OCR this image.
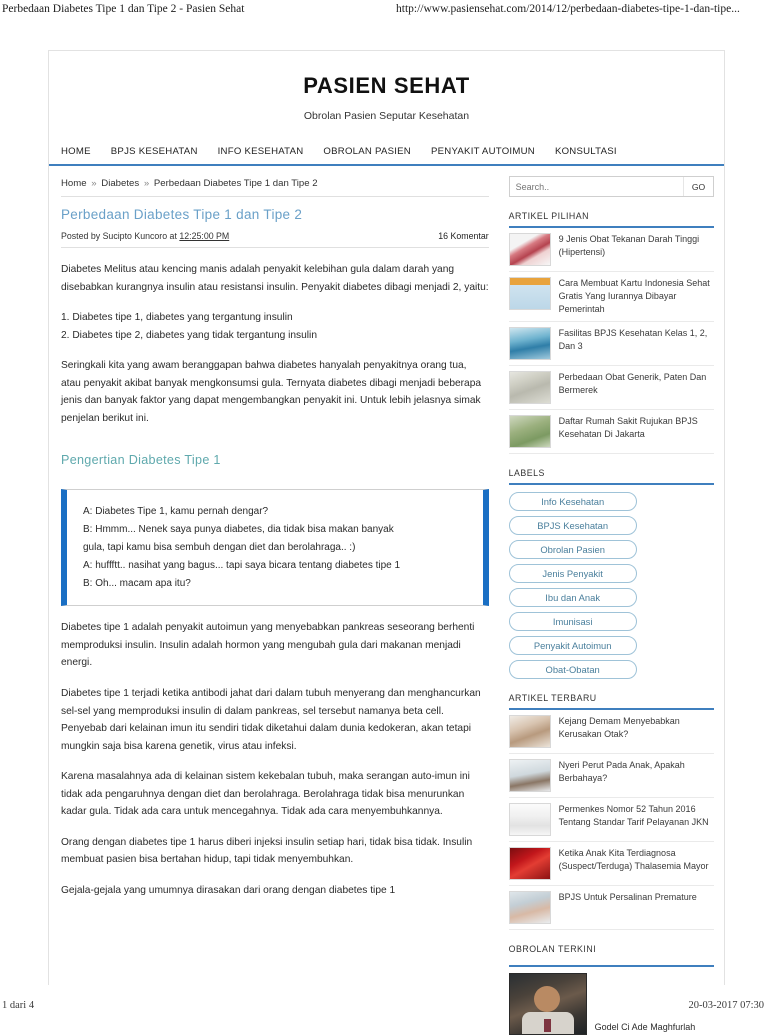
Perbedaan Diabetes Tipe 1 dan Tipe 2 - Pasien Sehat	http://www.pasiensehat.com/2014/12/perbedaan-diabetes-tipe-1-dan-tipe...
PASIEN SEHAT
Obrolan Pasien Seputar Kesehatan
HOME BPJS KESEHATAN INFO KESEHATAN OBROLAN PASIEN PENYAKIT AUTOIMUN KONSULTASI
Home » Diabetes » Perbedaan Diabetes Tipe 1 dan Tipe 2
Perbedaan Diabetes Tipe 1 dan Tipe 2
Posted by Sucipto Kuncoro at 12:25:00 PM	16 Komentar

Diabetes Melitus atau kencing manis adalah penyakit kelebihan gula dalam darah yang disebabkan kurangnya insulin atau resistansi insulin. Penyakit diabetes dibagi menjadi 2, yaitu:

1. Diabetes tipe 1, diabetes yang tergantung insulin
2. Diabetes tipe 2, diabetes yang tidak tergantung insulin

Seringkali kita yang awam beranggapan bahwa diabetes hanyalah penyakitnya orang tua, atau penyakit akibat banyak mengkonsumsi gula. Ternyata diabetes dibagi menjadi beberapa jenis dan banyak faktor yang dapat mengembangkan penyakit ini. Untuk lebih jelasnya simak penjelan berikut ini.

Pengertian Diabetes Tipe 1
A: Diabetes Tipe 1, kamu pernah dengar?
B: Hmmm... Nenek saya punya diabetes, dia tidak bisa makan banyak
gula, tapi kamu bisa sembuh dengan diet dan berolahraga.. :)
A: huffftt.. nasihat yang bagus... tapi saya bicara tentang diabetes tipe 1
B: Oh... macam apa itu?

Diabetes tipe 1 adalah penyakit autoimun yang menyebabkan pankreas seseorang berhenti memproduksi insulin. Insulin adalah hormon yang mengubah gula dari makanan menjadi energi.

Diabetes tipe 1 terjadi ketika antibodi jahat dari dalam tubuh menyerang dan menghancurkan sel-sel yang memproduksi insulin di dalam pankreas, sel tersebut namanya beta cell. Penyebab dari kelainan imun itu sendiri tidak diketahui dalam dunia kedokeran, akan tetapi mungkin saja bisa karena genetik, virus atau infeksi.

Karena masalahnya ada di kelainan sistem kekebalan tubuh, maka serangan auto-imun ini tidak ada pengaruhnya dengan diet dan berolahraga. Berolahraga tidak bisa menurunkan kadar gula. Tidak ada cara untuk mencegahnya. Tidak ada cara menyembuhkannya.

Orang dengan diabetes tipe 1 harus diberi injeksi insulin setiap hari, tidak bisa tidak. Insulin membuat pasien bisa bertahan hidup, tapi tidak menyembuhkan.

Gejala-gejala yang umumnya dirasakan dari orang dengan diabetes tipe 1

Search..
GO
ARTIKEL PILIHAN
9 Jenis Obat Tekanan Darah Tinggi (Hipertensi)
Cara Membuat Kartu Indonesia Sehat Gratis Yang Iurannya Dibayar Pemerintah
Fasilitas BPJS Kesehatan Kelas 1, 2, Dan 3
Perbedaan Obat Generik, Paten Dan Bermerek
Daftar Rumah Sakit Rujukan BPJS Kesehatan Di Jakarta
LABELS
Info Kesehatan
BPJS Kesehatan
Obrolan Pasien
Jenis Penyakit
Ibu dan Anak
Imunisasi
Penyakit Autoimun
Obat-Obatan
ARTIKEL TERBARU
Kejang Demam Menyebabkan Kerusakan Otak?
Nyeri Perut Pada Anak, Apakah Berbahaya?
Permenkes Nomor 52 Tahun 2016 Tentang Standar Tarif Pelayanan JKN
Ketika Anak Kita Terdiagnosa (Suspect/Terduga) Thalasemia Mayor
BPJS Untuk Persalinan Premature
OBROLAN TERKINI
Godel Ci Ade Maghfurlah
1 dari 4	20-03-2017 07:30
